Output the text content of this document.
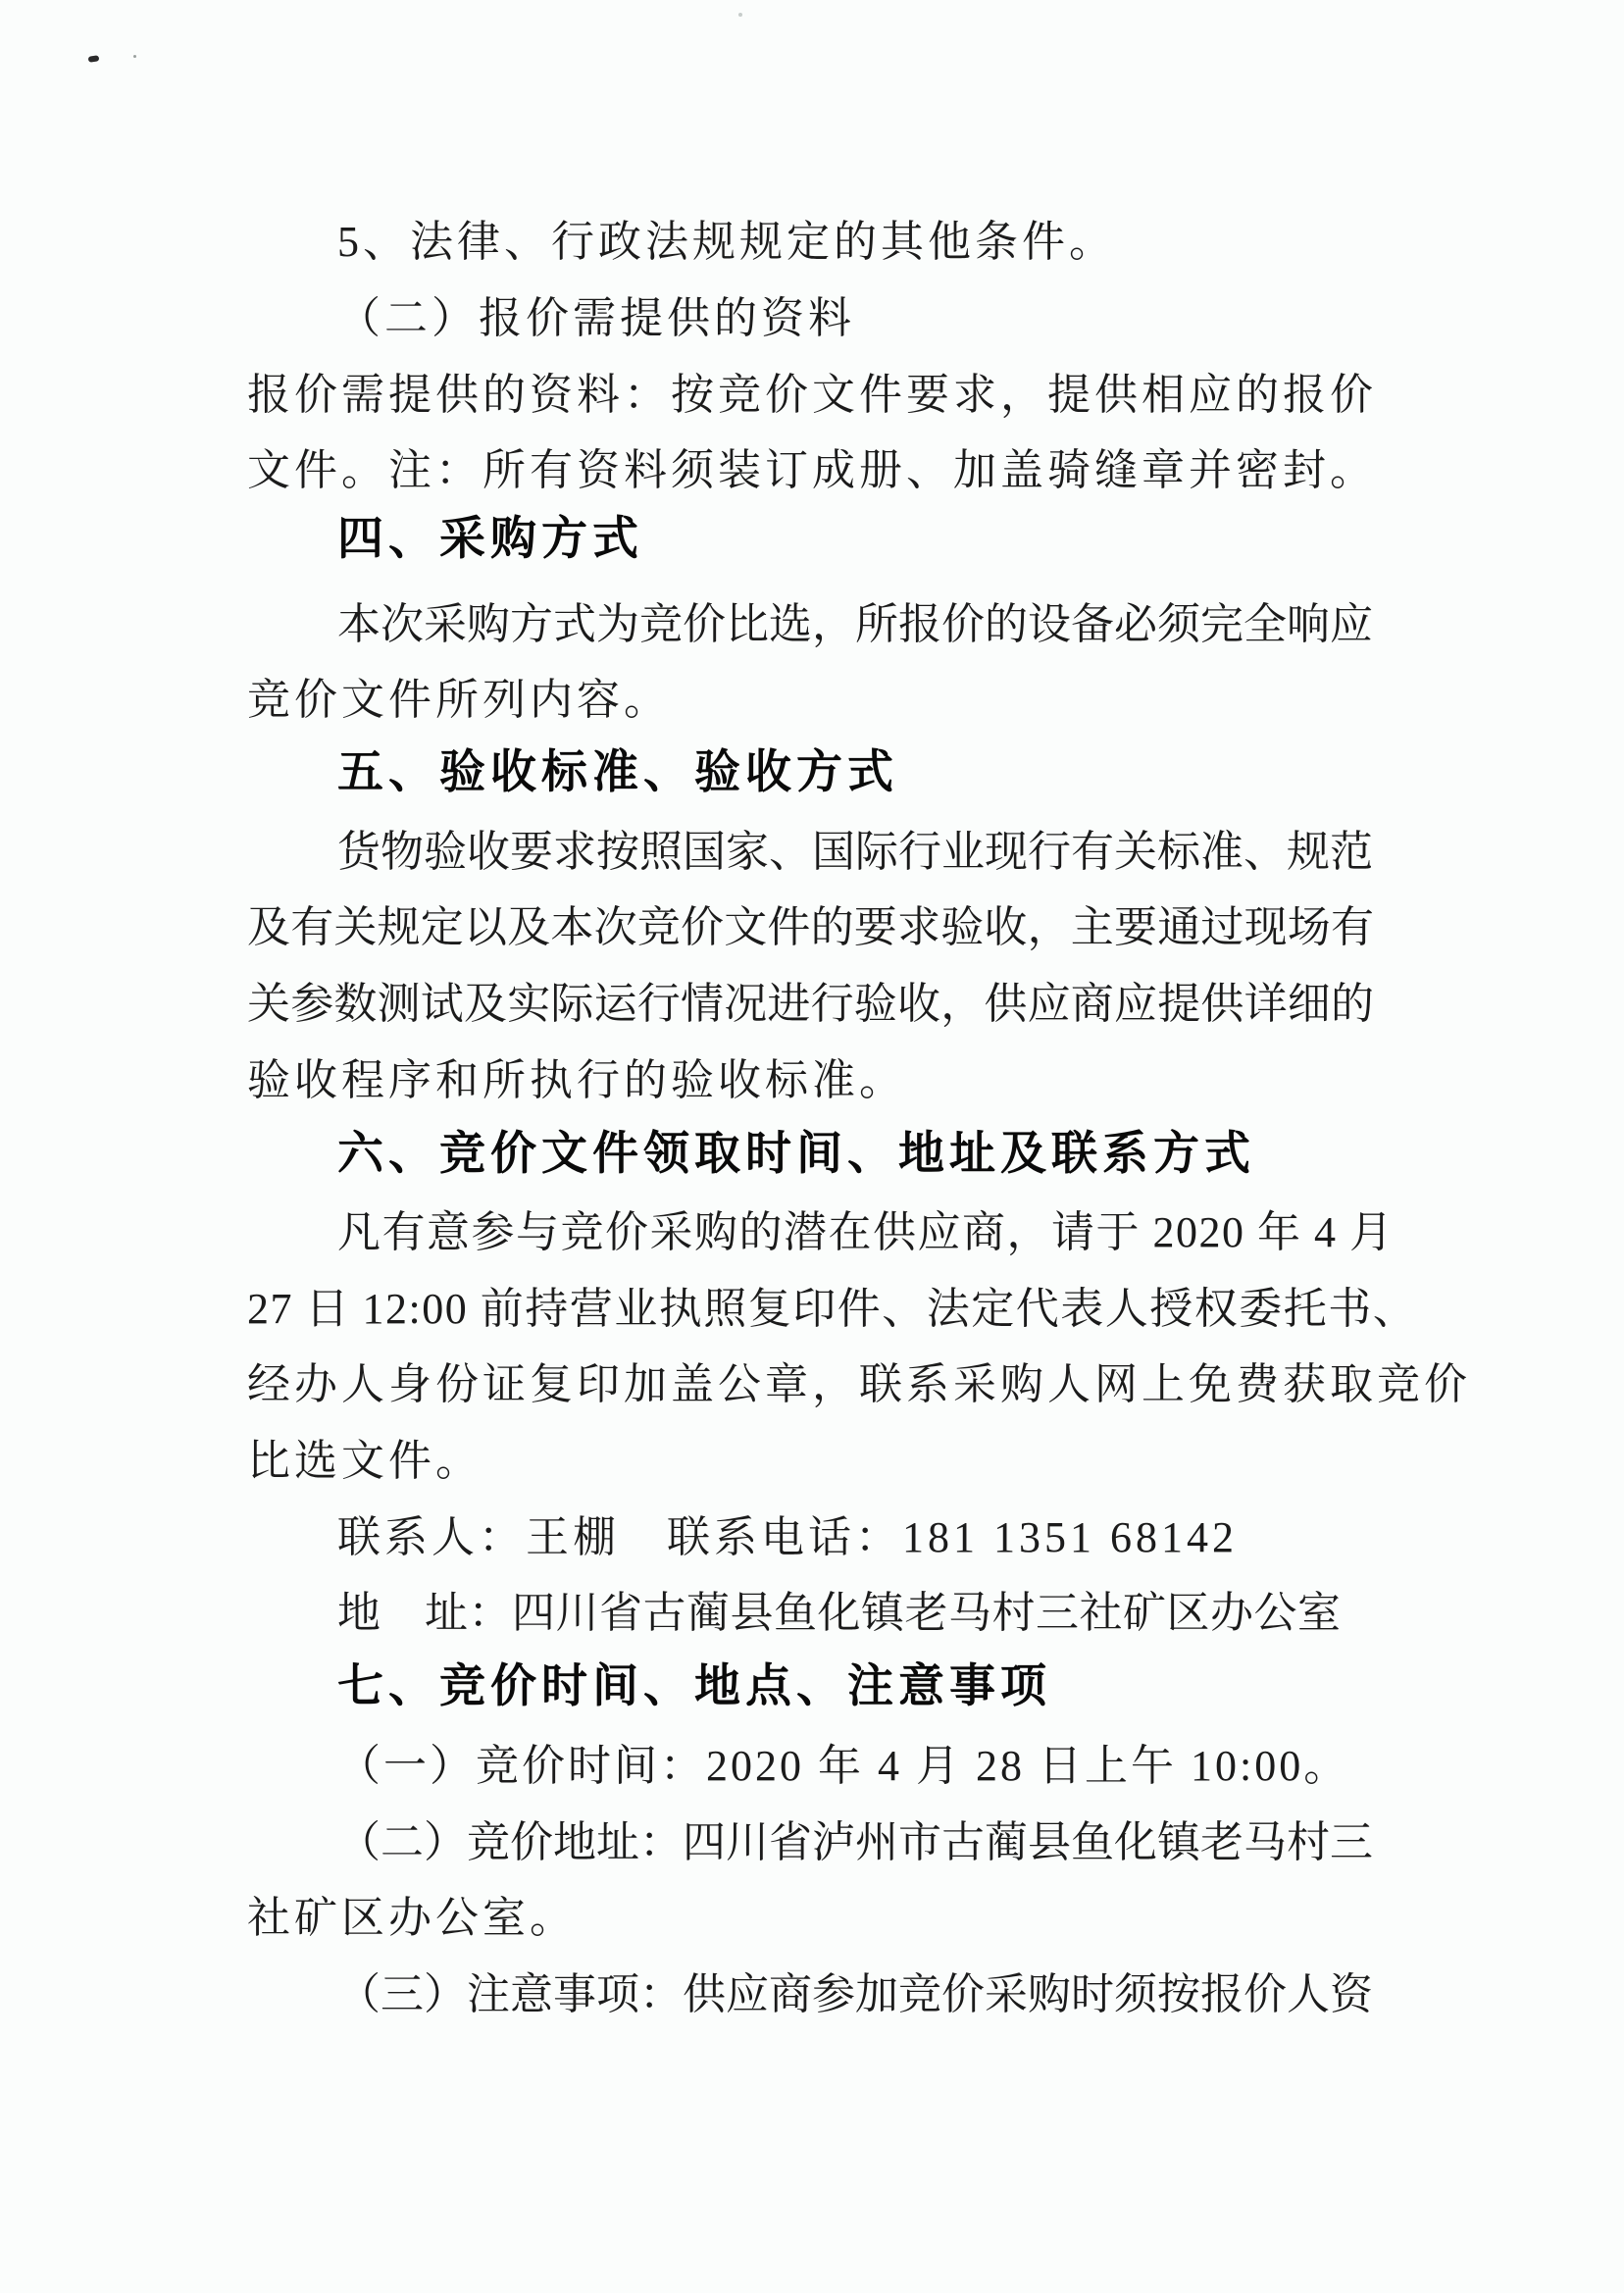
5、法律、行政法规规定的其他条件。
（二）报价需提供的资料
报价需提供的资料：按竞价文件要求，提供相应的报价
文件。注：所有资料须装订成册、加盖骑缝章并密封。
四、采购方式
本次采购方式为竞价比选，所报价的设备必须完全响应
竞价文件所列内容。
五、验收标准、验收方式
货物验收要求按照国家、国际行业现行有关标准、规范
及有关规定以及本次竞价文件的要求验收，主要通过现场有
关参数测试及实际运行情况进行验收，供应商应提供详细的
验收程序和所执行的验收标准。
六、竞价文件领取时间、地址及联系方式
凡有意参与竞价采购的潜在供应商，请于 2020 年 4 月
27 日 12:00 前持营业执照复印件、法定代表人授权委托书、
经办人身份证复印加盖公章，联系采购人网上免费获取竞价
比选文件。
联系人：王棚　联系电话：181 1351 68142
地　址：四川省古蔺县鱼化镇老马村三社矿区办公室
七、竞价时间、地点、注意事项
（一）竞价时间：2020 年 4 月 28 日上午 10:00。
（二）竞价地址：四川省泸州市古蔺县鱼化镇老马村三
社矿区办公室。
（三）注意事项：供应商参加竞价采购时须按报价人资
